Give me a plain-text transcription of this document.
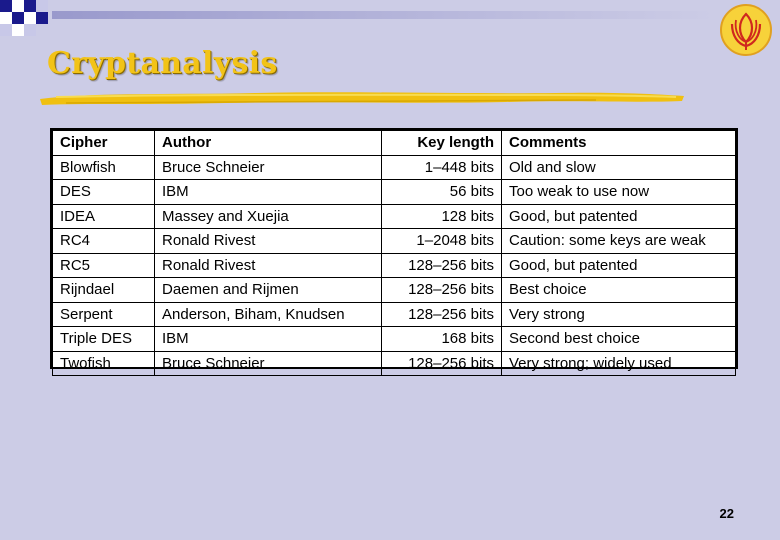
Cryptanalysis
Cipher	Author	Key length	Comments
Blowfish	Bruce Schneier	1–448 bits	Old and slow
DES	IBM	56 bits	Too weak to use now
IDEA	Massey and Xuejia	128 bits	Good, but patented
RC4	Ronald Rivest	1–2048 bits	Caution: some keys are weak
RC5	Ronald Rivest	128–256 bits	Good, but patented
Rijndael	Daemen and Rijmen	128–256 bits	Best choice
Serpent	Anderson, Biham, Knudsen	128–256 bits	Very strong
Triple DES	IBM	168 bits	Second best choice
Twofish	Bruce Schneier	128–256 bits	Very strong; widely used
22
